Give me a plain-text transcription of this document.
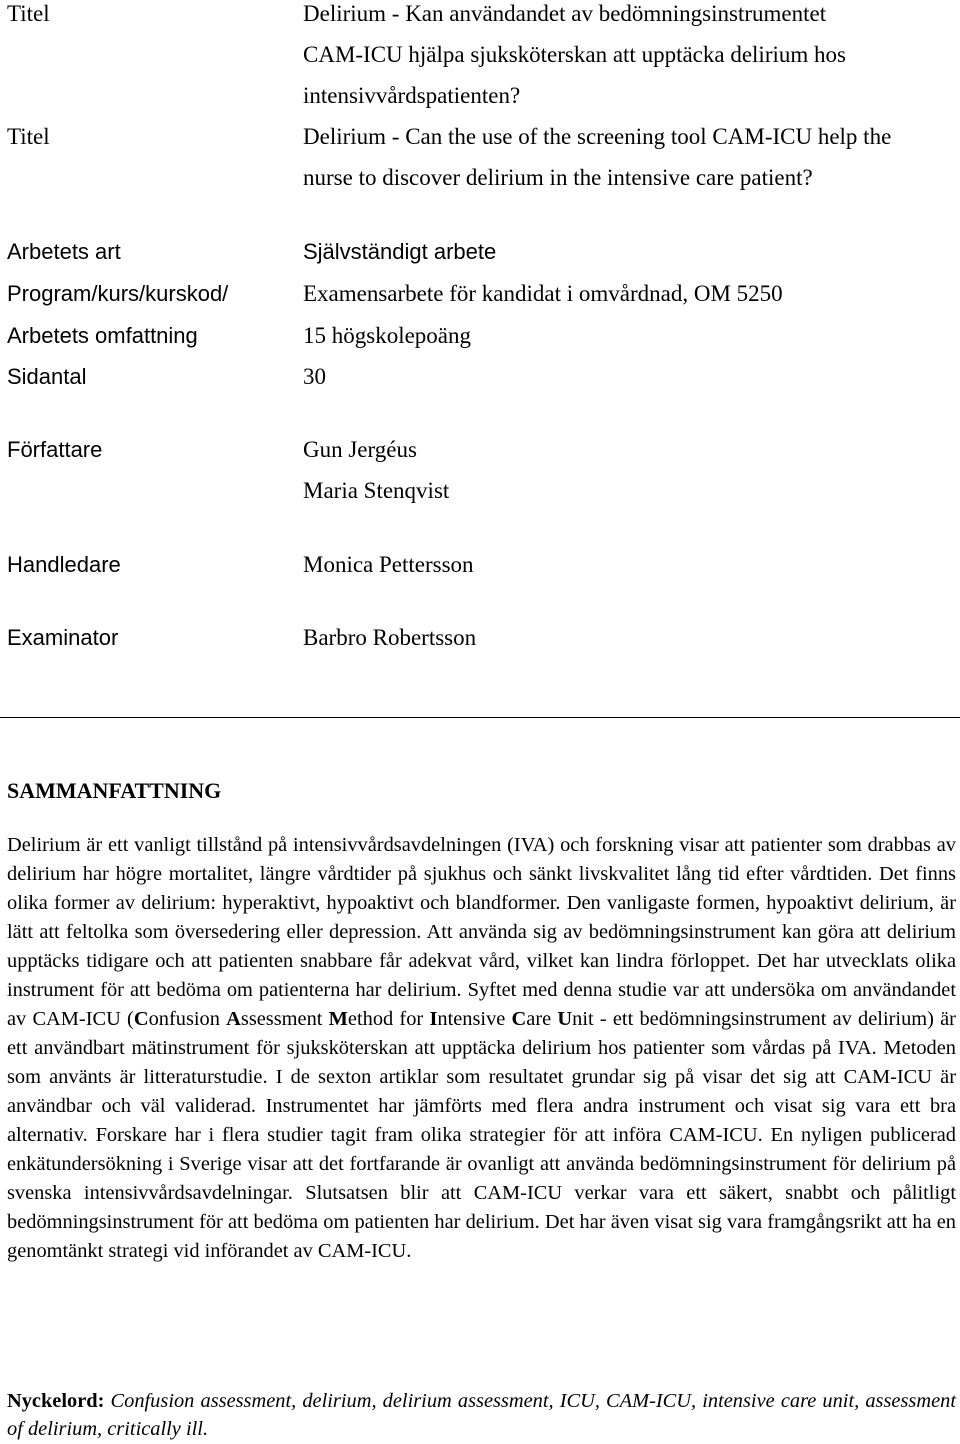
Titel	Delirium - Kan användandet av bedömningsinstrumentet
CAM-ICU hjälpa sjuksköterskan att upptäcka delirium hos
intensivvårdspatienten?
Titel	Delirium - Can the use of the screening tool CAM-ICU help the
nurse to discover delirium in the intensive care patient?
Arbetets art	Självständigt arbete
Program/kurs/kurskod/	Examensarbete för kandidat i omvårdnad, OM 5250
Arbetets omfattning	15 högskolepoäng
Sidantal	30
Författare	Gun Jergéus
Maria Stenqvist
Handledare	Monica Pettersson
Examinator	Barbro Robertsson
SAMMANFATTNING

Delirium är ett vanligt tillstånd på intensivvårdsavdelningen (IVA) och forskning visar att patienter som drabbas av delirium har högre mortalitet, längre vårdtider på sjukhus och sänkt livskvalitet lång tid efter vårdtiden. Det finns olika former av delirium: hyperaktivt, hypoaktivt och blandformer. Den vanligaste formen, hypoaktivt delirium, är lätt att feltolka som översedering eller depression. Att använda sig av bedömningsinstrument kan göra att delirium upptäcks tidigare och att patienten snabbare får adekvat vård, vilket kan lindra förloppet. Det har utvecklats olika instrument för att bedöma om patienterna har delirium. Syftet med denna studie var att undersöka om användandet av CAM-ICU (Confusion Assessment Method for Intensive Care Unit - ett bedömningsinstrument av delirium) är ett användbart mätinstrument för sjuksköterskan att upptäcka delirium hos patienter som vårdas på IVA. Metoden som använts är litteraturstudie. I de sexton artiklar som resultatet grundar sig på visar det sig att CAM-ICU är användbar och väl validerad. Instrumentet har jämförts med flera andra instrument och visat sig vara ett bra alternativ. Forskare har i flera studier tagit fram olika strategier för att införa CAM-ICU. En nyligen publicerad enkätundersökning i Sverige visar att det fortfarande är ovanligt att använda bedömningsinstrument för delirium på svenska intensivvårdsavdelningar. Slutsatsen blir att CAM-ICU verkar vara ett säkert, snabbt och pålitligt bedömningsinstrument för att bedöma om patienten har delirium. Det har även visat sig vara framgångsrikt att ha en genomtänkt strategi vid införandet av CAM-ICU.

Nyckelord: Confusion assessment, delirium, delirium assessment, ICU, CAM-ICU, intensive care unit, assessment of delirium, critically ill.
